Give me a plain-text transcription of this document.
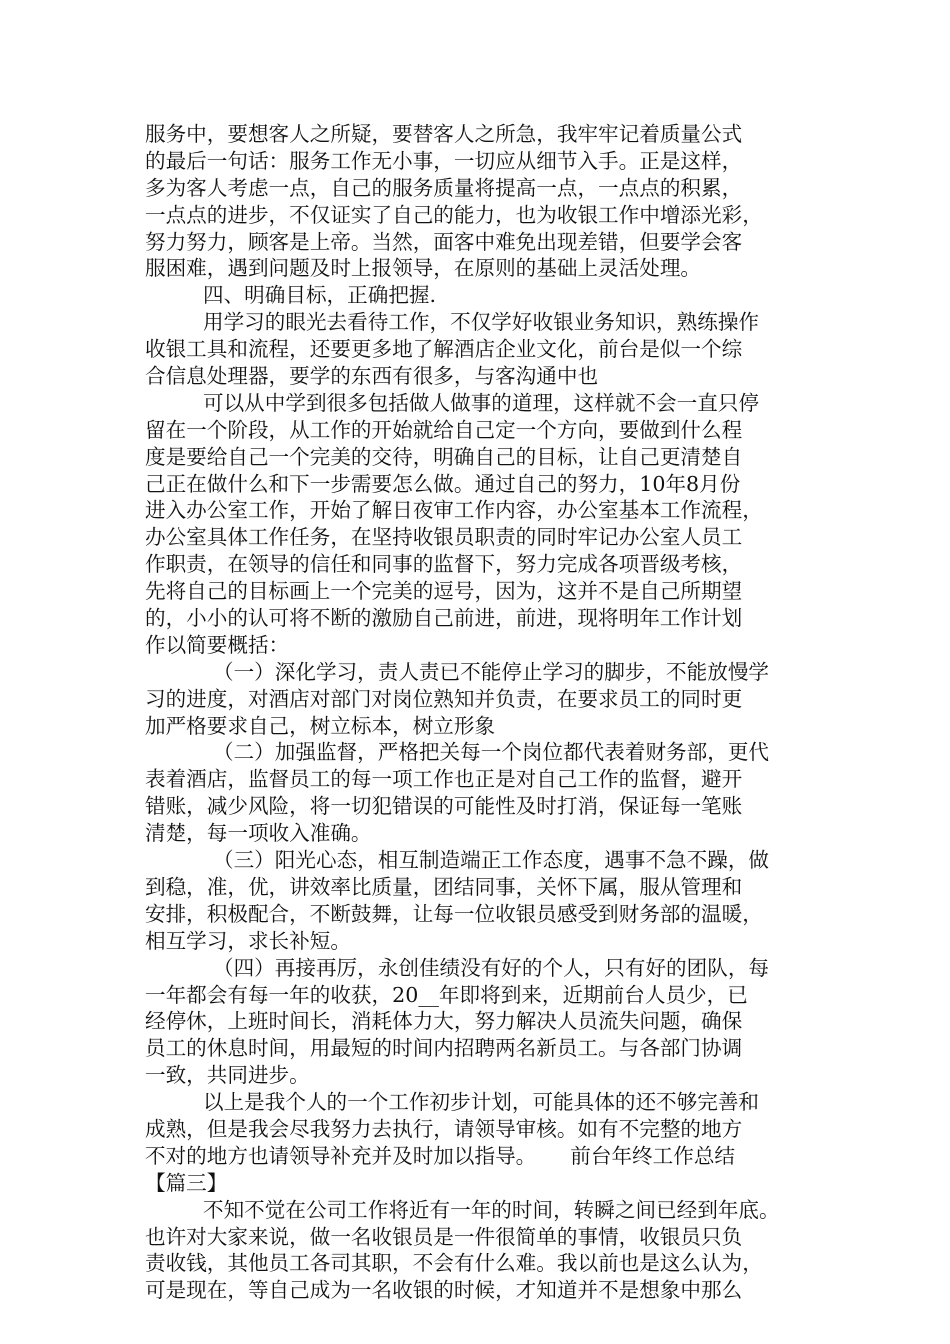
服务中，要想客人之所疑，要替客人之所急，我牢牢记着质量公式
的最后一句话：服务工作无小事，一切应从细节入手。正是这样，
多为客人考虑一点，自己的服务质量将提高一点，一点点的积累，
一点点的进步，不仅证实了自己的能力，也为收银工作中增添光彩，
努力努力，顾客是上帝。当然，面客中难免出现差错，但要学会客
服困难，遇到问题及时上报领导，在原则的基础上灵活处理。
四、明确目标，正确把握.
用学习的眼光去看待工作，不仅学好收银业务知识，熟练操作
收银工具和流程，还要更多地了解酒店企业文化，前台是似一个综
合信息处理器，要学的东西有很多，与客沟通中也
可以从中学到很多包括做人做事的道理，这样就不会一直只停
留在一个阶段，从工作的开始就给自己定一个方向，要做到什么程
度是要给自己一个完美的交待，明确自己的目标，让自己更清楚自
己正在做什么和下一步需要怎么做。通过自己的努力，10年8月份
进入办公室工作，开始了解日夜审工作内容，办公室基本工作流程，
办公室具体工作任务，在坚持收银员职责的同时牢记办公室人员工
作职责，在领导的信任和同事的监督下，努力完成各项晋级考核，
先将自己的目标画上一个完美的逗号，因为，这并不是自己所期望
的，小小的认可将不断的激励自己前进，前进，现将明年工作计划
作以简要概括：
（一）深化学习，责人责已不能停止学习的脚步，不能放慢学
习的进度，对酒店对部门对岗位熟知并负责，在要求员工的同时更
加严格要求自己，树立标本，树立形象
（二）加强监督，严格把关每一个岗位都代表着财务部，更代
表着酒店，监督员工的每一项工作也正是对自己工作的监督，避开
错账，减少风险，将一切犯错误的可能性及时打消，保证每一笔账
清楚，每一项收入准确。
（三）阳光心态，相互制造端正工作态度，遇事不急不躁，做
到稳，准，优，讲效率比质量，团结同事，关怀下属，服从管理和
安排，积极配合，不断鼓舞，让每一位收银员感受到财务部的温暖，
相互学习，求长补短。
（四）再接再厉，永创佳绩没有好的个人，只有好的团队，每
一年都会有每一年的收获，20__年即将到来，近期前台人员少，已
经停休，上班时间长，消耗体力大，努力解决人员流失问题，确保
员工的休息时间，用最短的时间内招聘两名新员工。与各部门协调
一致，共同进步。
以上是我个人的一个工作初步计划，可能具体的还不够完善和
成熟，但是我会尽我努力去执行，请领导审核。如有不完整的地方
不对的地方也请领导补充并及时加以指导。 前台年终工作总结
【篇三】
不知不觉在公司工作将近有一年的时间，转瞬之间已经到年底。
也许对大家来说，做一名收银员是一件很简单的事情，收银员只负
责收钱，其他员工各司其职，不会有什么难。我以前也是这么认为，
可是现在，等自己成为一名收银的时候，才知道并不是想象中那么
